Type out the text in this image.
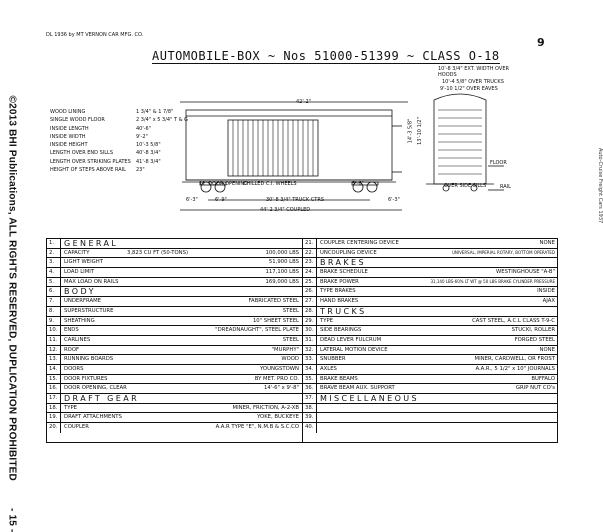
©2013 BHI Publications, ALL RIGHTS RESERVED, DUPLICATION PROHIBITED - 15 -
Auto-Cruise Freight Cars 1937
DL 1936 by MT VERNON CAR MFG. CO.
9
AUTOMOBILE-BOX ~ Nos 51000-51399 ~ CLASS O-18
WOOD LINING	1 3/4" & 1 7/8"
SINGLE WOOD FLOOR	2 3/4" x 5 3/4" T & G
INSIDE LENGTH	40'-6"
INSIDE WIDTH	9'-2"
INSIDE HEIGHT	10'-3 5/8"
LENGTH OVER END SILLS	40'-8 3/4"
LENGTH OVER STRIKING PLATES	41'-8 3/4"
HEIGHT OF STEPS ABOVE RAIL	23"
42'-2"
CHILLED C.I. WHEELS
12' DOOR OPENING	5'-6"
30'-8 3/4" TRUCK CTRS
44'-2 3/4" COUPLED
6'-9"
6'-3"	6'-3"
14'-3 5/8" 13'-10 1/2"
10'-8 3/4" EXT. WIDTH OVER HOODS
10'-4 5/8" OVER TRUCKS
9'-10 1/2" OVER EAVES
FLOOR
RAIL
OVER SIDE SILLS
1.	GENERAL
2.	CAPACITY	3,823 CU FT (50-TONS)	100,000 LBS
3.	LIGHT WEIGHT	51,900 LBS
4.	LOAD LIMIT	117,100 LBS
5.	MAX LOAD ON RAILS	169,000 LBS
6.	BODY
7.	UNDERFRAME	FABRICATED STEEL
8.	SUPERSTRUCTURE	STEEL
9.	SHEATHING	10" SHEET STEEL
10.	ENDS	"DREADNAUGHT", STEEL PLATE
11.	CARLINES	STEEL
12.	ROOF	"MURPHY"
13.	RUNNING BOARDS	WOOD
14.	DOORS	YOUNGSTOWN
15.	DOOR FIXTURES	BY MET. PRO CO.
16.	DOOR OPENING, CLEAR	14'-6" x 9'-8"
17. DRAFT GEAR
18.	TYPE	MINER, FRICTION, A-2-XB
19.	DRAFT ATTACHMENTS	YOKE, BUCKEYE
20.	COUPLER	A.A.R TYPE "E", N.M.B & S.C.CO
21.	COUPLER CENTERING DEVICE	NONE
22.	UNCOUPLING DEVICE	UNIVERSAL, IMPERIAL ROTARY, BOTTOM OPERATED
23. BRAKES
24.	BRAKE SCHEDULE	WESTINGHOUSE "A-B"
25.	BRAKE POWER	31,140 LBS-60% LT WT @ 50 LBS BRAKE CYLINDER PRESSURE
26.	TYPE BRAKES	INSIDE
27.	HAND BRAKES	AJAX
28. TRUCKS
29.	TYPE	CAST STEEL, A.C.L CLASS T-9-C
30.	SIDE BEARINGS	STUCKI, ROLLER
31.	DEAD LEVER FULCRUM	FORGED STEEL
32.	LATERAL MOTION DEVICE	NONE
33.	SNUBBER	MINER, CARDWELL, OR FROST
34.	AXLES	A.A.R., 5 1/2" x 10" JOURNALS
35.	BRAKE BEAMS	BUFFALO
36.	BRAVE BEAM AUX. SUPPORT	GRIP NUT CO's
37. MISCELLANEOUS
38.
39.
40.
